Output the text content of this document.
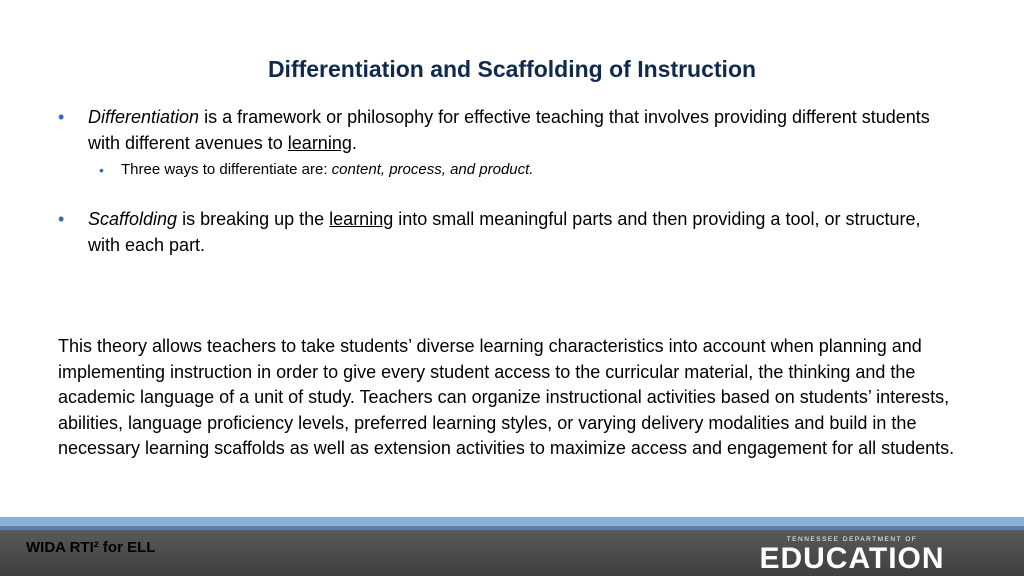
Differentiation and Scaffolding of Instruction
• Differentiation is a framework or philosophy for effective teaching that involves providing different students with different avenues to learning.
• Three ways to differentiate are: content, process, and product.
• Scaffolding is breaking up the learning into small meaningful parts and then providing a tool, or structure, with each part.
This theory allows teachers to take students’ diverse learning characteristics into account when planning and implementing instruction in order to give every student access to the curricular material, the thinking and the academic language of a unit of study. Teachers can organize instructional activities based on students’ interests, abilities, language proficiency levels, preferred learning styles, or varying delivery modalities and build in the necessary learning scaffolds as well as extension activities to maximize access and engagement for all students.
WIDA RTI² for ELL	TENNESSEE DEPARTMENT OF
EDUCATION
